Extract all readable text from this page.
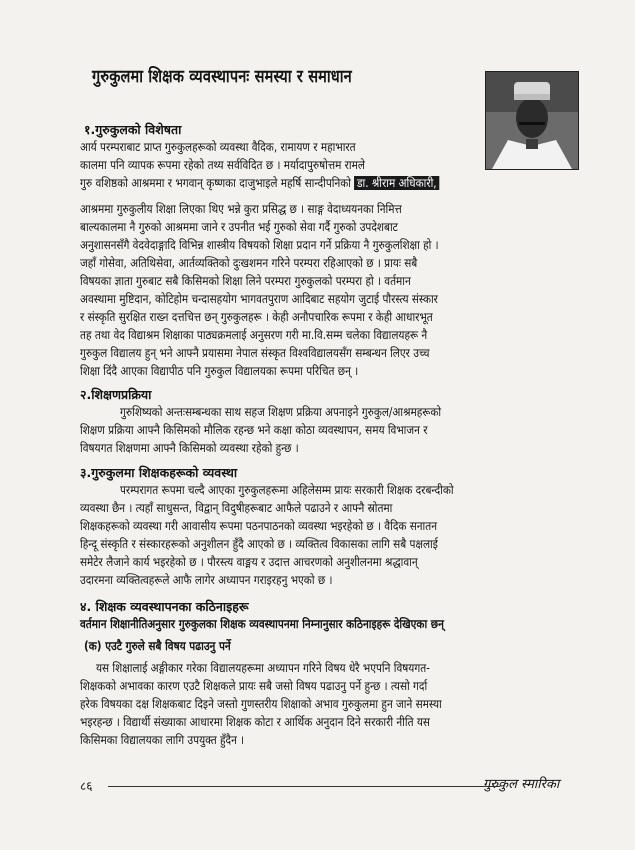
गुरुकुलमा शिक्षक व्यवस्थापनः समस्या र समाधान
१.गुरुकुलको विशेषता
आर्य परम्पराबाट प्राप्त गुरुकुलहरूको व्यवस्था वैदिक, रामायण र महाभारत
कालमा पनि व्यापक रूपमा रहेको तथ्य सर्वविदित छ । मर्यादापुरुषोत्तम रामले
गुरु वशिष्ठको आश्रममा र भगवान् कृष्णका दाजुभाइले महर्षि सान्दीपनिको डा. श्रीराम अधिकारी,
आश्रममा गुरुकुलीय शिक्षा लिएका थिए भन्ने कुरा प्रसिद्ध छ । साङ्ग वेदाध्ययनका निमित्त
बाल्यकालमा नै गुरुको आश्रममा जाने र उपनीत भई गुरुको सेवा गर्दै गुरुको उपदेशबाट
अनुशासनसँगै वेदवेदाङ्गादि विभिन्न शास्त्रीय विषयको शिक्षा प्रदान गर्ने प्रक्रिया नै गुरुकुलशिक्षा हो ।
जहाँ गोसेवा, अतिथिसेवा, आर्तव्यक्तिको दुःखशमन गरिने परम्परा रहिआएको छ । प्रायः सबै
विषयका ज्ञाता गुरुबाट सबै किसिमको शिक्षा लिने परम्परा गुरुकुलको परम्परा हो । वर्तमान
अवस्थामा मुष्टिदान, कोटिहोम चन्दासहयोग भागवतपुराण आदिबाट सहयोग जुटाई पौरस्त्य संस्कार
र संस्कृति सुरक्षित राख्न दत्तचित्त छन् गुरुकुलहरू । केही अनौपचारिक रूपमा र केही आधारभूत
तह तथा वेद विद्याश्रम शिक्षाका पाठ्यक्रमलाई अनुसरण गरी मा.वि.सम्म चलेका विद्यालयहरू नै
गुरुकुल विद्यालय हुन् भने आफ्नै प्रयासमा नेपाल संस्कृत विश्वविद्यालयसँग सम्बन्धन लिएर उच्च
शिक्षा दिंदै आएका विद्यापीठ पनि गुरुकुल विद्यालयका रूपमा परिचित छन् ।
२.शिक्षणप्रक्रिया
गुरुशिष्यको अन्तःसम्बन्धका साथ सहज शिक्षण प्रक्रिया अपनाइने गुरुकुल/आश्रमहरूको
शिक्षण प्रक्रिया आफ्नै किसिमको मौलिक रहन्छ भने कक्षा कोठा व्यवस्थापन, समय विभाजन र
विषयगत शिक्षणमा आफ्नै किसिमको व्यवस्था रहेको हुन्छ ।
३.गुरुकुलमा शिक्षकहरूको व्यवस्था
परम्परागत रूपमा चल्दै आएका गुरुकुलहरूमा अहिलेसम्म प्रायः सरकारी शिक्षक दरबन्दीको
व्यवस्था छैन । त्यहाँ साधुसन्त, विद्वान् विदुषीहरूबाट आफैले पढाउने र आफ्नै स्रोतमा
शिक्षकहरूको व्यवस्था गरी आवासीय रूपमा पठनपाठनको व्यवस्था भइरहेको छ । वैदिक सनातन
हिन्दू संस्कृति र संस्कारहरूको अनुशीलन हुँदै आएको छ । व्यक्तित्व विकासका लागि सबै पक्षलाई
समेटेर लैजाने कार्य भइरहेको छ । पौरस्त्य वाङ्मय र उदात्त आचरणको अनुशीलनमा श्रद्धावान्
उदारमना व्यक्तित्वहरूले आफै लागेर अध्यापन गराइरहनु भएको छ ।
४. शिक्षक व्यवस्थापनका कठिनाइहरू
वर्तमान शिक्षानीतिअनुसार गुरुकुलका शिक्षक व्यवस्थापनमा निम्नानुसार कठिनाइहरू देखिएका छन्
(क) एउटै गुरुले सबै विषय पढाउनु पर्ने
यस शिक्षालाई अङ्गीकार गरेका विद्यालयहरूमा अध्यापन गरिने विषय धेरै भएपनि विषयगत-
शिक्षकको अभावका कारण एउटै शिक्षकले प्रायः सबै जसो विषय पढाउनु पर्ने हुन्छ । त्यसो गर्दा
हरेक विषयका दक्ष शिक्षकबाट दिइने जस्तो गुणस्तरीय शिक्षाको अभाव गुरुकुलमा हुन जाने समस्या
भइरहन्छ । विद्यार्थी संख्याका आधारमा शिक्षक कोटा र आर्थिक अनुदान दिने सरकारी नीति यस
किसिमका विद्यालयका लागि उपयुक्त हुँदैन ।
८६	गुरुकुल स्मारिका
